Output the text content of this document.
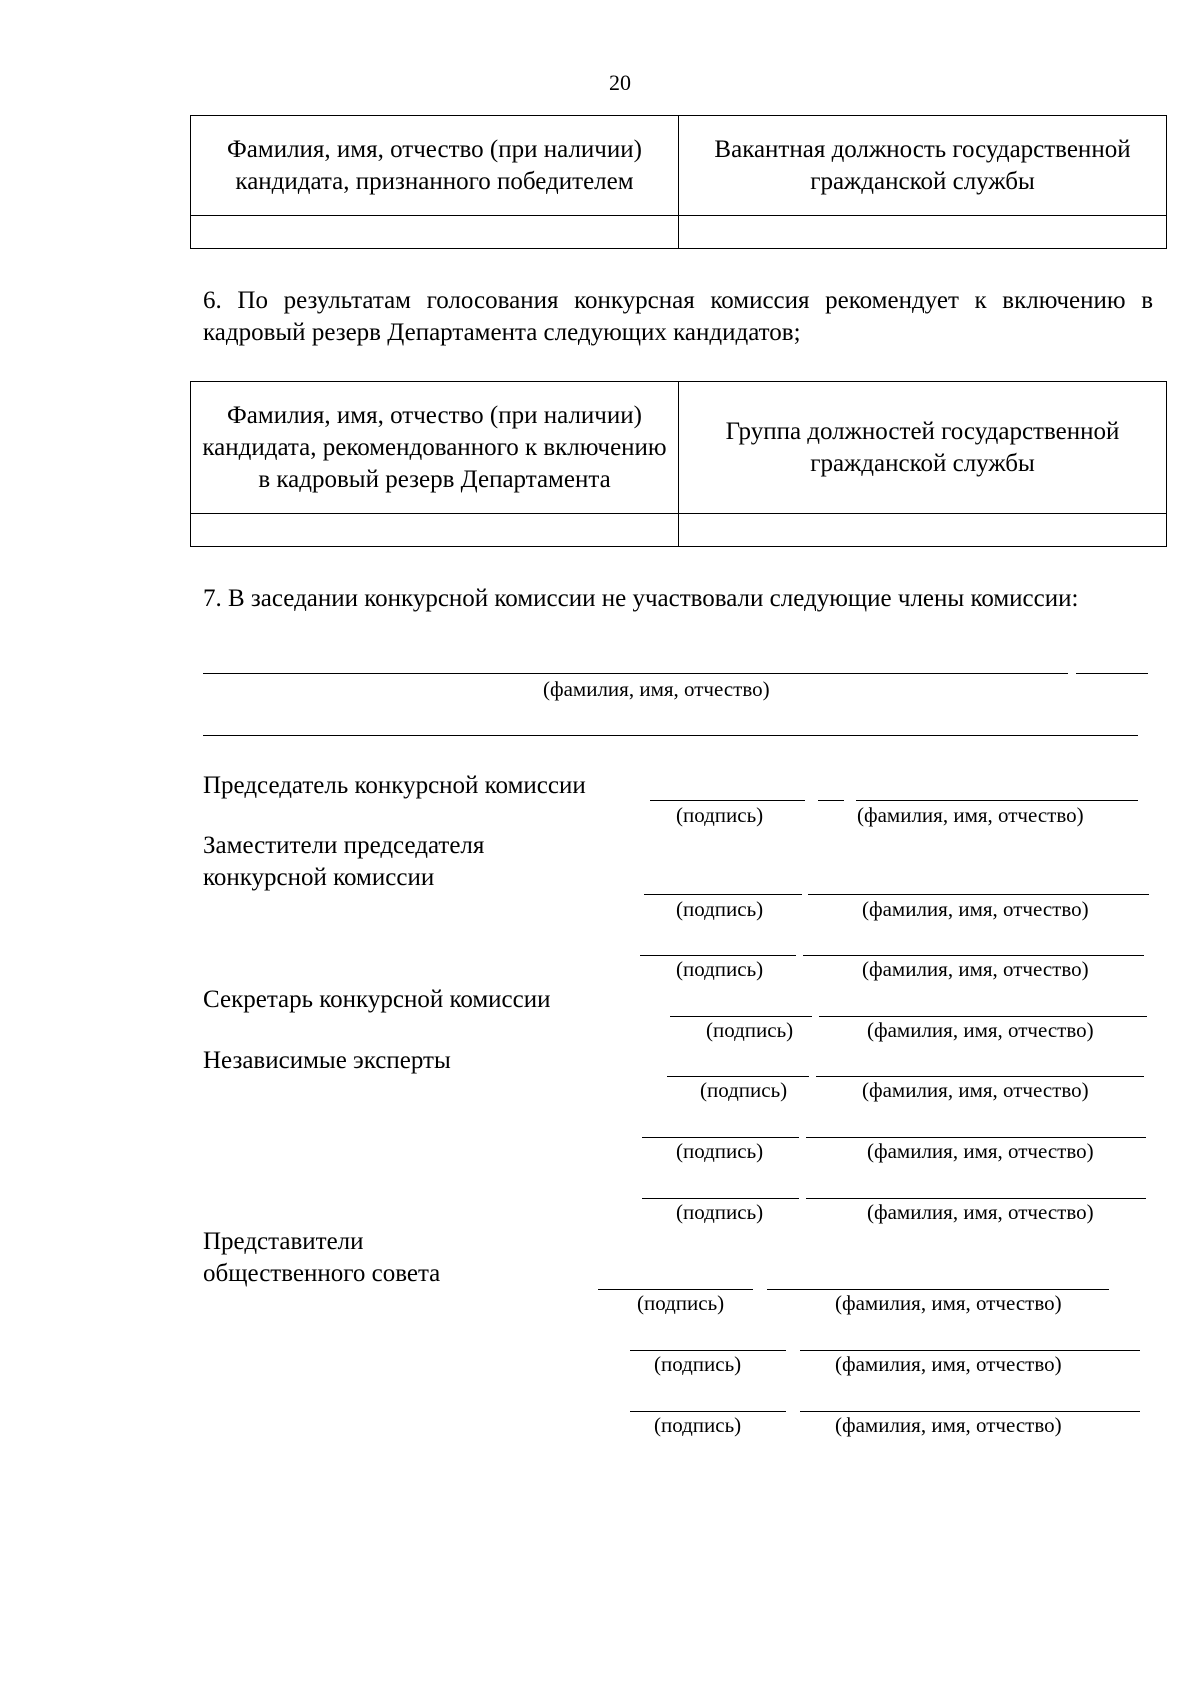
20
Фамилия, имя, отчество (при наличии) кандидата, признанного победителем	Вакантная должность государственной гражданской службы

6. По результатам голосования конкурсная комиссия рекомендует к включению в кадровый резерв Департамента следующих кандидатов;
Фамилия, имя, отчество (при наличии) кандидата, рекомендованного к включению в кадровый резерв Департамента	Группа должностей государственной гражданской службы

7. В заседании конкурсной комиссии не участвовали следующие члены комиссии:
(фамилия, имя, отчество)
Председатель конкурсной комиссии
(подпись)	(фамилия, имя, отчество)
Заместители председателя
конкурсной комиссии
(подпись)	(фамилия, имя, отчество)
(подпись)	(фамилия, имя, отчество)
Секретарь конкурсной комиссии
(подпись)	(фамилия, имя, отчество)
Независимые эксперты
(подпись)	(фамилия, имя, отчество)
(подпись)	(фамилия, имя, отчество)
(подпись)	(фамилия, имя, отчество)
Представители
общественного совета
(подпись)	(фамилия, имя, отчество)
(подпись)	(фамилия, имя, отчество)
(подпись)	(фамилия, имя, отчество)
